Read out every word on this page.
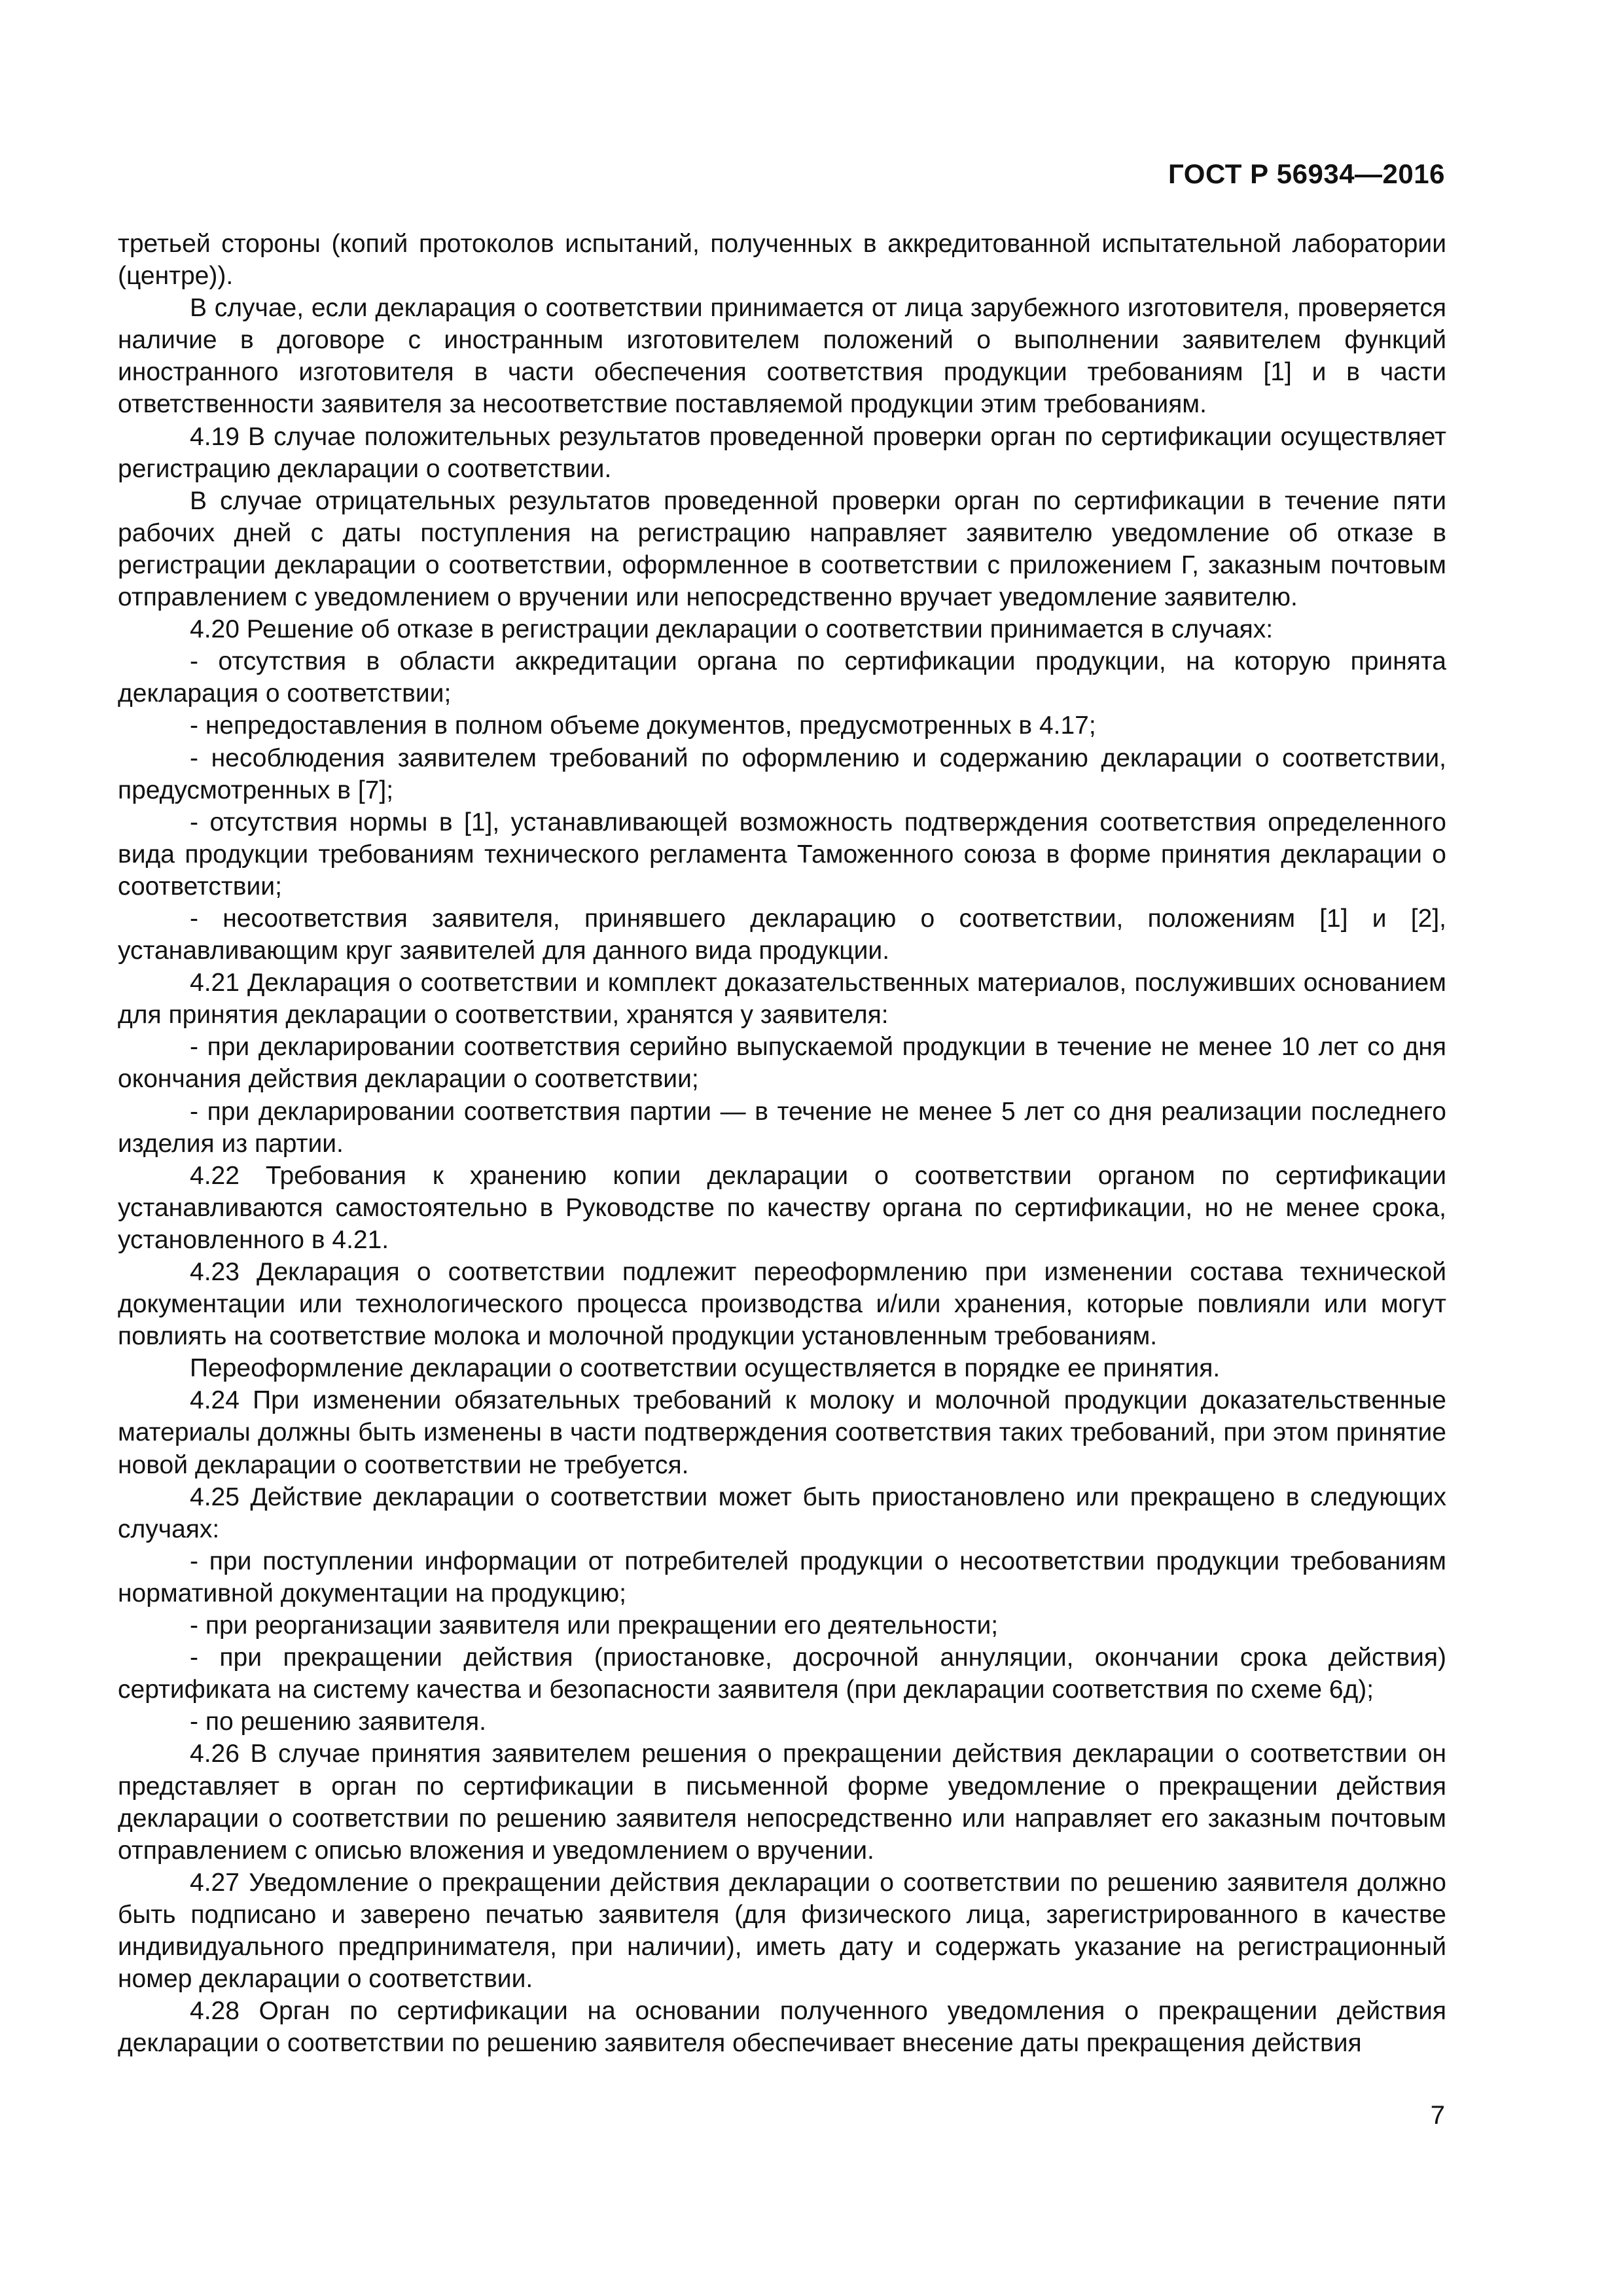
ГОСТ Р 56934—2016

третьей стороны (копий протоколов испытаний, полученных в аккредитованной испытательной лаборатории (центре)).

В случае, если декларация о соответствии принимается от лица зарубежного изготовителя, проверяется наличие в договоре с иностранным изготовителем положений о выполнении заявителем функций иностранного изготовителя в части обеспечения соответствия продукции требованиям [1] и в части ответственности заявителя за несоответствие поставляемой продукции этим требованиям.

4.19 В случае положительных результатов проведенной проверки орган по сертификации осуществляет регистрацию декларации о соответствии.

В случае отрицательных результатов проведенной проверки орган по сертификации в течение пяти рабочих дней с даты поступления на регистрацию направляет заявителю уведомление об отказе в регистрации декларации о соответствии, оформленное в соответствии с приложением Г, заказным почтовым отправлением с уведомлением о вручении или непосредственно вручает уведомление заявителю.

4.20 Решение об отказе в регистрации декларации о соответствии принимается в случаях:

- отсутствия в области аккредитации органа по сертификации продукции, на которую принята декларация о соответствии;

- непредоставления в полном объеме документов, предусмотренных в 4.17;

- несоблюдения заявителем требований по оформлению и содержанию декларации о соответствии, предусмотренных в [7];

- отсутствия нормы в [1], устанавливающей возможность подтверждения соответствия определенного вида продукции требованиям технического регламента Таможенного союза в форме принятия декларации о соответствии;

- несоответствия заявителя, принявшего декларацию о соответствии, положениям [1] и [2], устанавливающим круг заявителей для данного вида продукции.

4.21 Декларация о соответствии и комплект доказательственных материалов, послуживших основанием для принятия декларации о соответствии, хранятся у заявителя:

- при декларировании соответствия серийно выпускаемой продукции в течение не менее 10 лет со дня окончания действия декларации о соответствии;

- при декларировании соответствия партии — в течение не менее 5 лет со дня реализации последнего изделия из партии.

4.22 Требования к хранению копии декларации о соответствии органом по сертификации устанавливаются самостоятельно в Руководстве по качеству органа по сертификации, но не менее срока, установленного в 4.21.

4.23 Декларация о соответствии подлежит переоформлению при изменении состава технической документации или технологического процесса производства и/или хранения, которые повлияли или могут повлиять на соответствие молока и молочной продукции установленным требованиям.

Переоформление декларации о соответствии осуществляется в порядке ее принятия.

4.24 При изменении обязательных требований к молоку и молочной продукции доказательственные материалы должны быть изменены в части подтверждения соответствия таких требований, при этом принятие новой декларации о соответствии не требуется.

4.25 Действие декларации о соответствии может быть приостановлено или прекращено в следующих случаях:

- при поступлении информации от потребителей продукции о несоответствии продукции требованиям нормативной документации на продукцию;

- при реорганизации заявителя или прекращении его деятельности;

- при прекращении действия (приостановке, досрочной аннуляции, окончании срока действия) сертификата на систему качества и безопасности заявителя (при декларации соответствия по схеме 6д);

- по решению заявителя.

4.26 В случае принятия заявителем решения о прекращении действия декларации о соответствии он представляет в орган по сертификации в письменной форме уведомление о прекращении действия декларации о соответствии по решению заявителя непосредственно или направляет его заказным почтовым отправлением с описью вложения и уведомлением о вручении.

4.27 Уведомление о прекращении действия декларации о соответствии по решению заявителя должно быть подписано и заверено печатью заявителя (для физического лица, зарегистрированного в качестве индивидуального предпринимателя, при наличии), иметь дату и содержать указание на регистрационный номер декларации о соответствии.

4.28 Орган по сертификации на основании полученного уведомления о прекращении действия декларации о соответствии по решению заявителя обеспечивает внесение даты прекращения действия

7
